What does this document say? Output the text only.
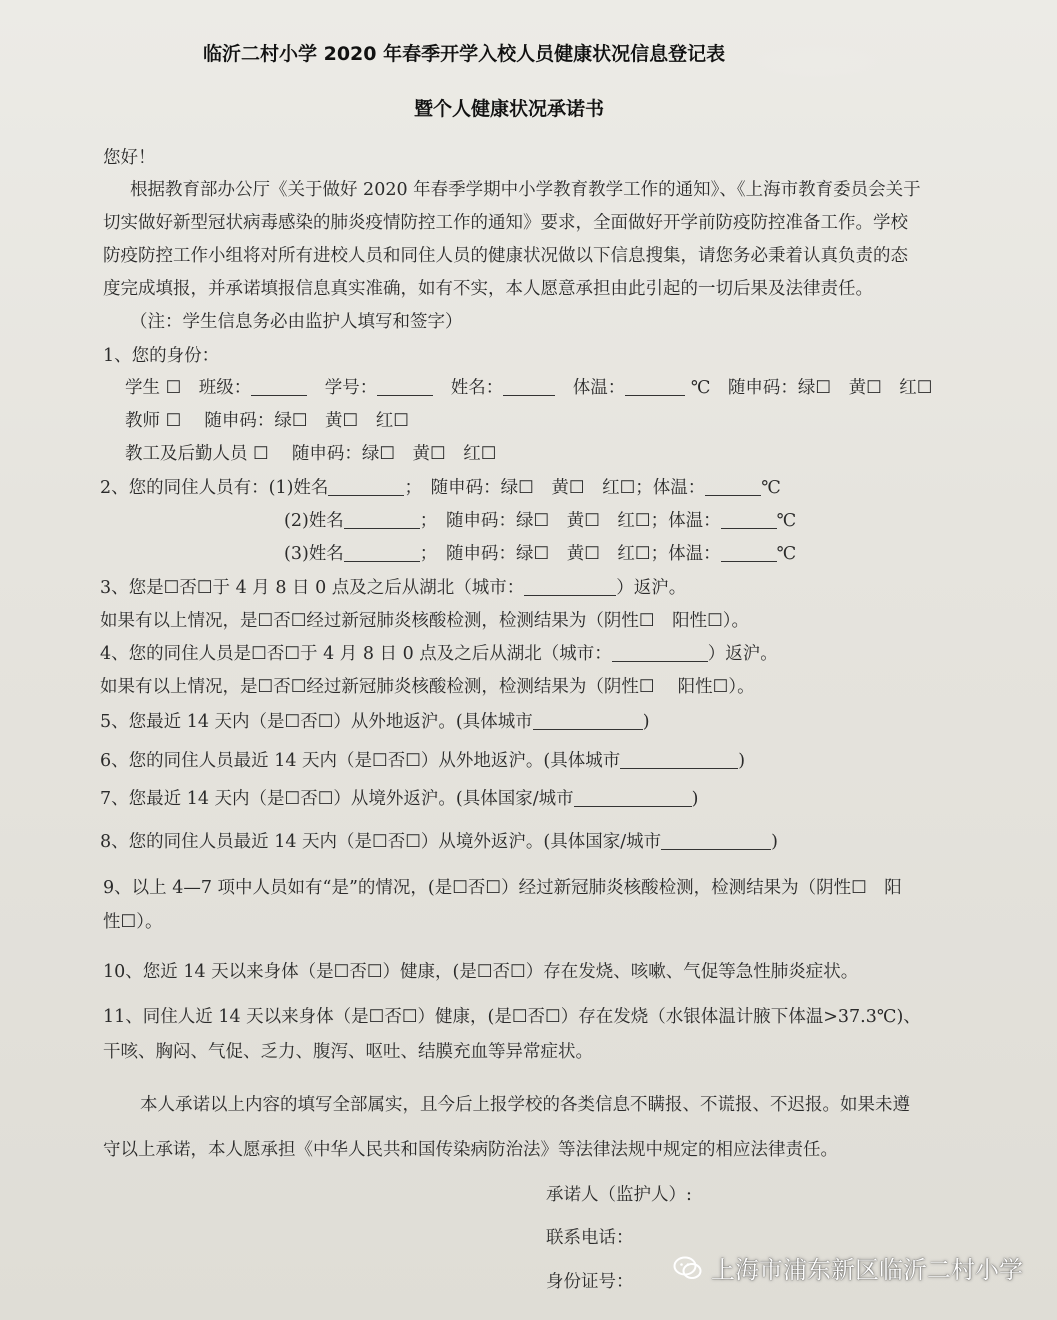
临沂二村小学 2020 年春季开学入校人员健康状况信息登记表
暨个人健康状况承诺书
您好！
根据教育部办公厅《关于做好 2020 年春季学期中小学教育教学工作的通知》、《上海市教育委员会关于
切实做好新型冠状病毒感染的肺炎疫情防控工作的通知》要求，全面做好开学前防疫防控准备工作。学校
防疫防控工作小组将对所有进校人员和同住人员的健康状况做以下信息搜集，请您务必秉着认真负责的态
度完成填报，并承诺填报信息真实准确，如有不实，本人愿意承担由此引起的一切后果及法律责任。
（注：学生信息务必由监护人填写和签字）
1、您的身份：
学生 ☐　班级：	　学号：	　姓名：	　体温：	℃　随申码：绿☐　黄☐　红☐
教师 ☐　 随申码：绿☐　黄☐　红☐
教工及后勤人员 ☐　 随申码：绿☐　黄☐　红☐
2、您的同住人员有：(1)姓名	；　随申码：绿☐　黄☐　红☐；体温：	℃
(2)姓名	；　随申码：绿☐　黄☐　红☐；体温：	℃
(3)姓名	；　随申码：绿☐　黄☐　红☐；体温：	℃
3、您是☐否☐于 4 月 8 日 0 点及之后从湖北（城市：	）返沪。
如果有以上情况，是☐否☐经过新冠肺炎核酸检测，检测结果为（阴性☐　阳性☐）。
4、您的同住人员是☐否☐于 4 月 8 日 0 点及之后从湖北（城市：	）返沪。
如果有以上情况，是☐否☐经过新冠肺炎核酸检测，检测结果为（阴性☐　 阳性☐）。
5、您最近 14 天内（是☐否☐）从外地返沪。(具体城市	)
6、您的同住人员最近 14 天内（是☐否☐）从外地返沪。(具体城市	)
7、您最近 14 天内（是☐否☐）从境外返沪。(具体国家/城市	)
8、您的同住人员最近 14 天内（是☐否☐）从境外返沪。(具体国家/城市	)
9、以上 4—7 项中人员如有“是”的情况，(是☐否☐）经过新冠肺炎核酸检测，检测结果为（阴性☐　阳
性☐）。
10、您近 14 天以来身体（是☐否☐）健康，(是☐否☐）存在发烧、咳嗽、气促等急性肺炎症状。
11、同住人近 14 天以来身体（是☐否☐）健康，(是☐否☐）存在发烧（水银体温计腋下体温>37.3℃)、
干咳、胸闷、气促、乏力、腹泻、呕吐、结膜充血等异常症状。
本人承诺以上内容的填写全部属实，且今后上报学校的各类信息不瞒报、不谎报、不迟报。如果未遵
守以上承诺，本人愿承担《中华人民共和国传染病防治法》等法律法规中规定的相应法律责任。
承诺人（监护人）:
联系电话：
身份证号：	上海市浦东新区临沂二村小学
